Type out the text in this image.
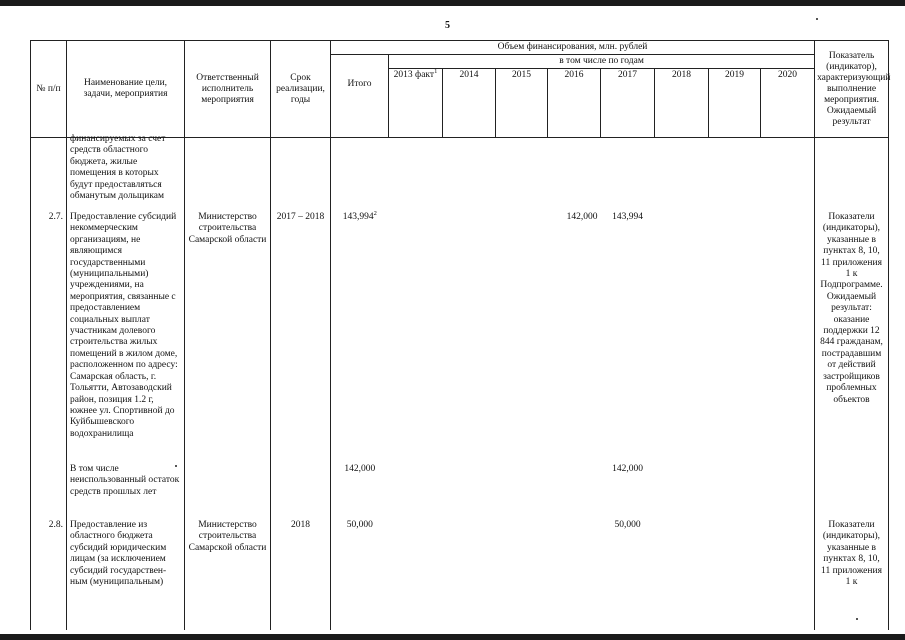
5
№ п/п	Наименование цели, задачи, мероприятия	Ответственный исполнитель мероприятия	Срок реализации, годы	Объем финансирования, млн. рублей									Показатель (индикатор), характеризующий выполнение мероприятия. Ожидаемый результат
				Итого	в том числе по годам								
					2013 факт$^1$	2014	2015	2016	2017	2018	2019	2020	
	финансируемых за счет средств областного бюджета, жилые помещения в которых будут предоставляться обманутым дольщикам												
2.7.	Предоставление субсидий некоммерческим организациям, не являющимся государственными (муниципальными) учреждениями, на мероприятия, связанные с предоставлением социальных выплат участникам долевого строительства жилых помещений в жилом доме, расположенном по адресу: Самарская область, г. Тольятти, Автозаводский район, позиция 1.2 г, южнее ул. Спортивной до Куйбышевского водохранилища	Министерство строительства Самарской области	2017 – 2018	143,994$^2$				142,000	143,994				Показатели (индикаторы), указанные в пунктах 8, 10, 11 приложения 1 к Подпрограмме. Ожидаемый результат: оказание поддержки 12 844 гражданам, пострадавшим от действий застройщиков проблемных объектов
	В том числе неиспользованный остаток средств прошлых лет			142,000					142,000				
2.8.	Предоставление из областного бюджета субсидий юридическим лицам (за исключением субсидий государствен-ным (муниципальным)	Министерство строительства Самарской области	2018	50,000					50,000				Показатели (индикаторы), указанные в пунктах 8, 10, 11 приложения 1 к
